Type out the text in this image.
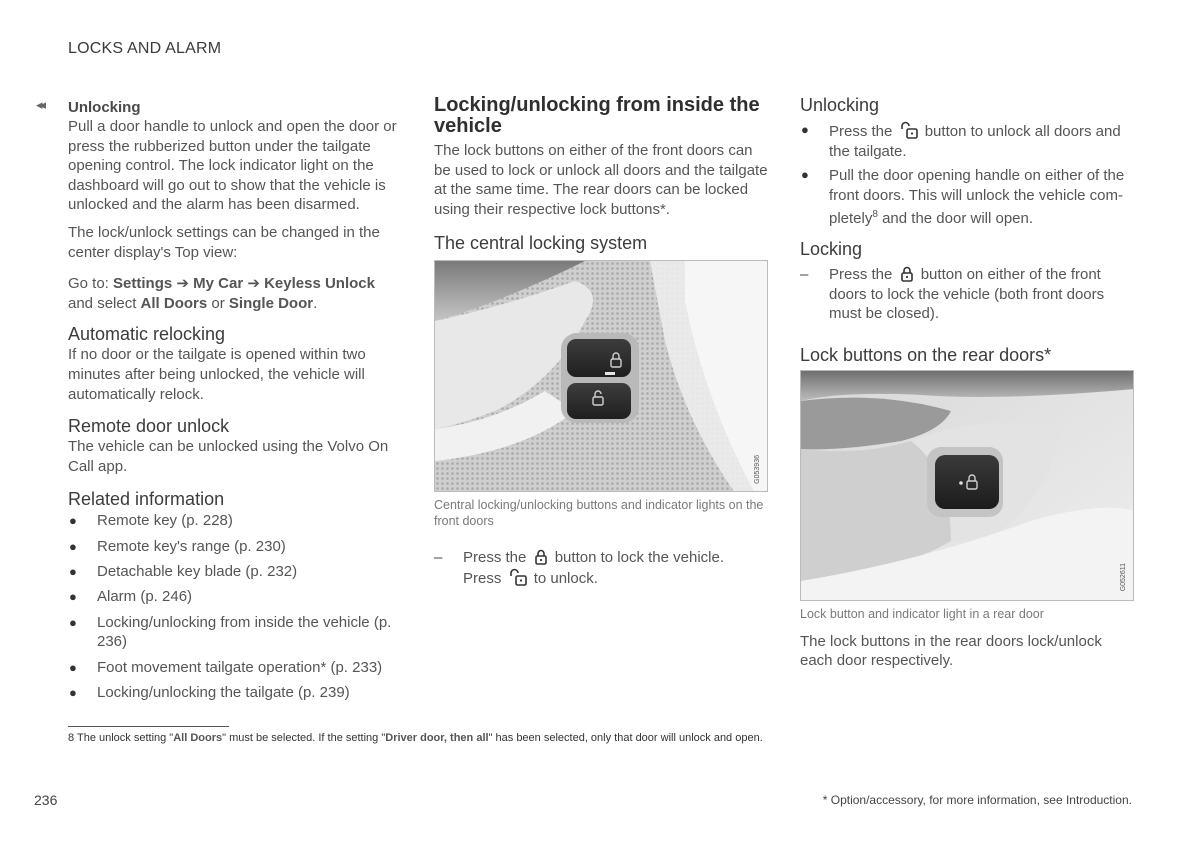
LOCKS AND ALARM
◂◂ Unlocking

Pull a door handle to unlock and open the door or press the rubberized button under the tailgate opening control. The lock indicator light on the dashboard will go out to show that the vehicle is unlocked and the alarm has been disarmed.

The lock/unlock settings can be changed in the center display's Top view:

Go to: Settings ➔ My Car ➔ Keyless Unlock
and select All Doors or Single Door.

Automatic relocking

If no door or the tailgate is opened within two minutes after being unlocked, the vehicle will automatically relock.

Remote door unlock

The vehicle can be unlocked using the Volvo On Call app.

Related information
● Remote key (p. 228)
● Remote key's range (p. 230)
● Detachable key blade (p. 232)
● Alarm (p. 246)
● Locking/unlocking from inside the vehicle (p. 236)
● Foot movement tailgate operation* (p. 233)
● Locking/unlocking the tailgate (p. 239)
Locking/unlocking from inside the vehicle

The lock buttons on either of the front doors can be used to lock or unlock all doors and the tailgate at the same time. The rear doors can be locked using their respective lock buttons*.

The central locking system
G053936
Central locking/unlocking buttons and indicator lights on the front doors
– Press the button to lock the vehicle.
Press to unlock.
Unlocking
● Press the button to unlock all doors and the tailgate.
● Pull the door opening handle on either of the front doors. This will unlock the vehicle completely$^8$ and the door will open.
Locking
– Press the button on either of the front doors to lock the vehicle (both front doors must be closed).
Lock buttons on the rear doors*
G052611
Lock button and indicator light in a rear door

The lock buttons in the rear doors lock/unlock each door respectively.

8 The unlock setting "All Doors" must be selected. If the setting "Driver door, then all" has been selected, only that door will unlock and open.
236	* Option/accessory, for more information, see Introduction.
